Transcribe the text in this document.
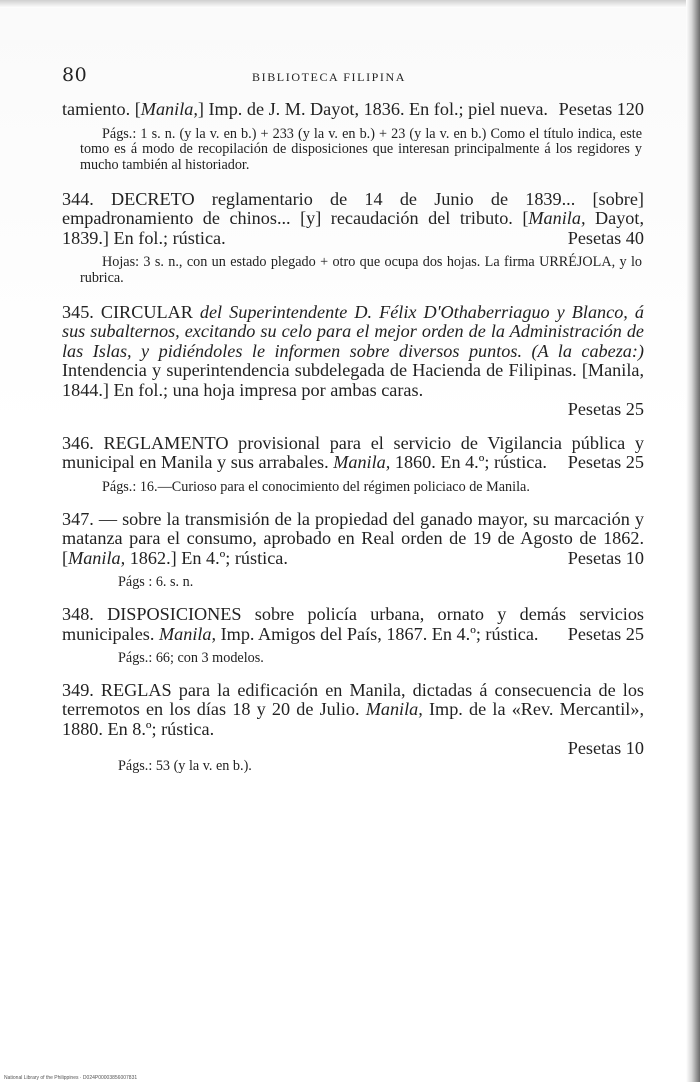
80	BIBLIOTECA FILIPINA

tamiento. [Manila,] Imp. de J. M. Dayot, 1836. En fol.; piel nueva. Pesetas 120

Págs.: 1 s. n. (y la v. en b.) + 233 (y la v. en b.) + 23 (y la v. en b.) Como el título indica, este tomo es á modo de recopilación de disposiciones que interesan principalmente á los regidores y mucho también al historiador.

344. DECRETO reglamentario de 14 de Junio de 1839... [sobre] empadronamiento de chinos... [y] recaudación del tributo. [Manila, Dayot, 1839.] En fol.; rústica.	Pesetas 40

Hojas: 3 s. n., con un estado plegado + otro que ocupa dos hojas. La firma URRÉJOLA, y lo rubrica.

345. CIRCULAR del Superintendente D. Félix D'Othaberriaguo y Blanco, á sus subalternos, excitando su celo para el mejor orden de la Administración de las Islas, y pidiéndoles le informen sobre diversos puntos. (A la cabeza:) Intendencia y superintendencia subdelegada de Hacienda de Filipinas. [Manila, 1844.] En fol.; una hoja impresa por ambas caras.
Pesetas 25

346. REGLAMENTO provisional para el servicio de Vigilancia pública y municipal en Manila y sus arrabales. Manila, 1860. En 4.º; rústica.	Pesetas 25

Págs.: 16.—Curioso para el conocimiento del régimen policiaco de Manila.

347. — sobre la transmisión de la propiedad del ganado mayor, su marcación y matanza para el consumo, aprobado en Real orden de 19 de Agosto de 1862. [Manila, 1862.] En 4.º; rústica.	Pesetas 10

Págs : 6. s. n.

348. DISPOSICIONES sobre policía urbana, ornato y demás servicios municipales. Manila, Imp. Amigos del País, 1867. En 4.º; rústica.	Pesetas 25

Págs.: 66; con 3 modelos.

349. REGLAS para la edificación en Manila, dictadas á consecuencia de los terremotos en los días 18 y 20 de Julio. Manila, Imp. de la «Rev. Mercantil», 1880. En 8.º; rústica.
Pesetas 10

Págs.: 53 (y la v. en b.).

National Library of the Philippines · D024P00003856007831
